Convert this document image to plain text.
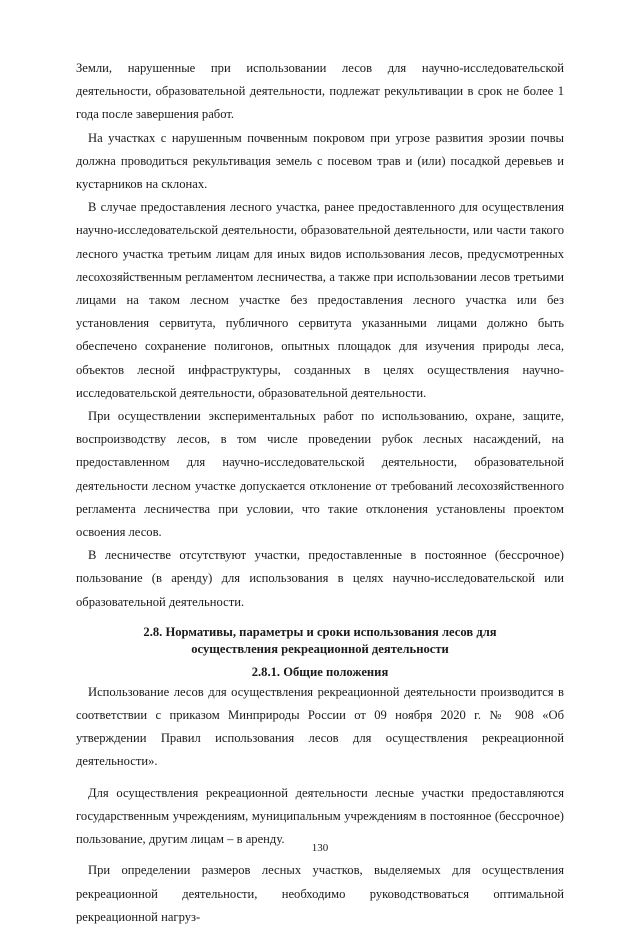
Земли, нарушенные при использовании лесов для научно-исследовательской деятельности, образовательной деятельности, подлежат рекультивации в срок не более 1 года после завершения работ.

На участках с нарушенным почвенным покровом при угрозе развития эрозии почвы должна проводиться рекультивация земель с посевом трав и (или) посадкой деревьев и кустарников на склонах.

В случае предоставления лесного участка, ранее предоставленного для осуществления научно-исследовательской деятельности, образовательной деятельности, или части такого лесного участка третьим лицам для иных видов использования лесов, предусмотренных лесохозяйственным регламентом лесничества, а также при использовании лесов третьими лицами на таком лесном участке без предоставления лесного участка или без установления сервитута, публичного сервитута указанными лицами должно быть обеспечено сохранение полигонов, опытных площадок для изучения природы леса, объектов лесной инфраструктуры, созданных в целях осуществления научно-исследовательской деятельности, образовательной деятельности.

При осуществлении экспериментальных работ по использованию, охране, защите, воспроизводству лесов, в том числе проведении рубок лесных насаждений, на предоставленном для научно-исследовательской деятельности, образовательной деятельности лесном участке допускается отклонение от требований лесохозяйственного регламента лесничества при условии, что такие отклонения установлены проектом освоения лесов.

В лесничестве отсутствуют участки, предоставленные в постоянное (бессрочное) пользование (в аренду) для использования в целях научно-исследовательской или образовательной деятельности.

2.8. Нормативы, параметры и сроки использования лесов для
осуществления рекреационной деятельности
2.8.1. Общие положения

Использование лесов для осуществления рекреационной деятельности производится в соответствии с приказом Минприроды России от 09 ноября 2020 г. № 908 «Об утверждении Правил использования лесов для осуществления рекреационной деятельности».

Для осуществления рекреационной деятельности лесные участки предоставляются государственным учреждениям, муниципальным учреждениям в постоянное (бессрочное) пользование, другим лицам – в аренду.

При определении размеров лесных участков, выделяемых для осуществления рекреационной деятельности, необходимо руководствоваться оптимальной рекреационной нагруз-

130
